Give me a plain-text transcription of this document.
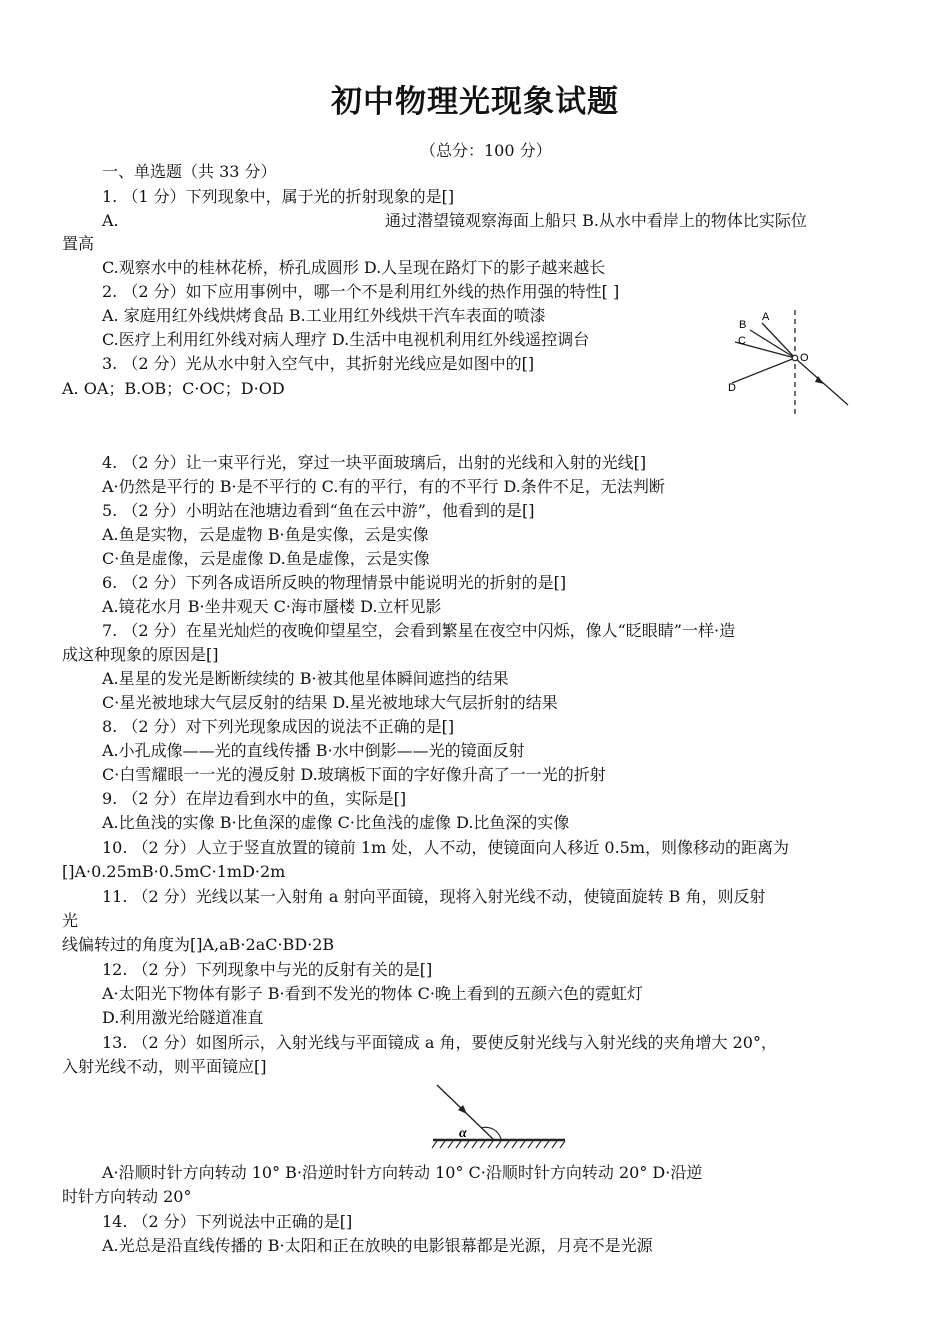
初中物理光现象试题
（总分：100 分）
一、单选题（共 33 分）
1. （1 分）下列现象中，属于光的折射现象的是[]
A.	通过潜望镜观察海面上船只 B.从水中看岸上的物体比实际位
置高
C.观察水中的桂林花桥，桥孔成圆形 D.人呈现在路灯下的影子越来越长
2. （2 分）如下应用事例中，哪一个不是利用红外线的热作用强的特性[ ]
A. 家庭用红外线烘烤食品 B.工业用红外线烘干汽车表面的喷漆
C.医疗上利用红外线对病人理疗 D.生活中电视机利用红外线遥控调台
3. （2 分）光从水中射入空气中，其折射光线应是如图中的[]
A. OA；B.OB；C·OC；D·OD
A
B
C
D
O
4. （2 分）让一束平行光，穿过一块平面玻璃后，出射的光线和入射的光线[]
A·仍然是平行的 B·是不平行的 C.有的平行，有的不平行 D.条件不足，无法判断
5. （2 分）小明站在池塘边看到“鱼在云中游”，他看到的是[]
A.鱼是实物，云是虚物 B·鱼是实像，云是实像
C·鱼是虚像，云是虚像 D.鱼是虚像，云是实像
6. （2 分）下列各成语所反映的物理情景中能说明光的折射的是[]
A.镜花水月 B·坐井观天 C·海市蜃楼 D.立杆见影
7. （2 分）在星光灿烂的夜晚仰望星空，会看到繁星在夜空中闪烁，像人“眨眼睛”一样·造
成这种现象的原因是[]
A.星星的发光是断断续续的 B·被其他星体瞬间遮挡的结果
C·星光被地球大气层反射的结果 D.星光被地球大气层折射的结果
8. （2 分）对下列光现象成因的说法不正确的是[]
A.小孔成像——光的直线传播 B·水中倒影——光的镜面反射
C·白雪耀眼一一光的漫反射 D.玻璃板下面的字好像升高了一一光的折射
9. （2 分）在岸边看到水中的鱼，实际是[]
A.比鱼浅的实像 B·比鱼深的虚像 C·比鱼浅的虚像 D.比鱼深的实像
10. （2 分）人立于竖直放置的镜前 1m 处，人不动，使镜面向人移近 0.5m，则像移动的距离为
[]A·0.25mB·0.5mC·1mD·2m
11. （2 分）光线以某一入射角 a 射向平面镜，现将入射光线不动，使镜面旋转 B 角，则反射
光
线偏转过的角度为[]A,aB·2aC·BD·2B
12. （2 分）下列现象中与光的反射有关的是[]
A·太阳光下物体有影子 B·看到不发光的物体 C·晚上看到的五颜六色的霓虹灯
D.利用激光给隧道准直
13. （2 分）如图所示，入射光线与平面镜成 a 角，要使反射光线与入射光线的夹角增大 20°，
入射光线不动，则平面镜应[]
α
A·沿顺时针方向转动 10° B·沿逆时针方向转动 10° C·沿顺时针方向转动 20° D·沿逆
时针方向转动 20°
14. （2 分）下列说法中正确的是[]
A.光总是沿直线传播的 B·太阳和正在放映的电影银幕都是光源，月亮不是光源
